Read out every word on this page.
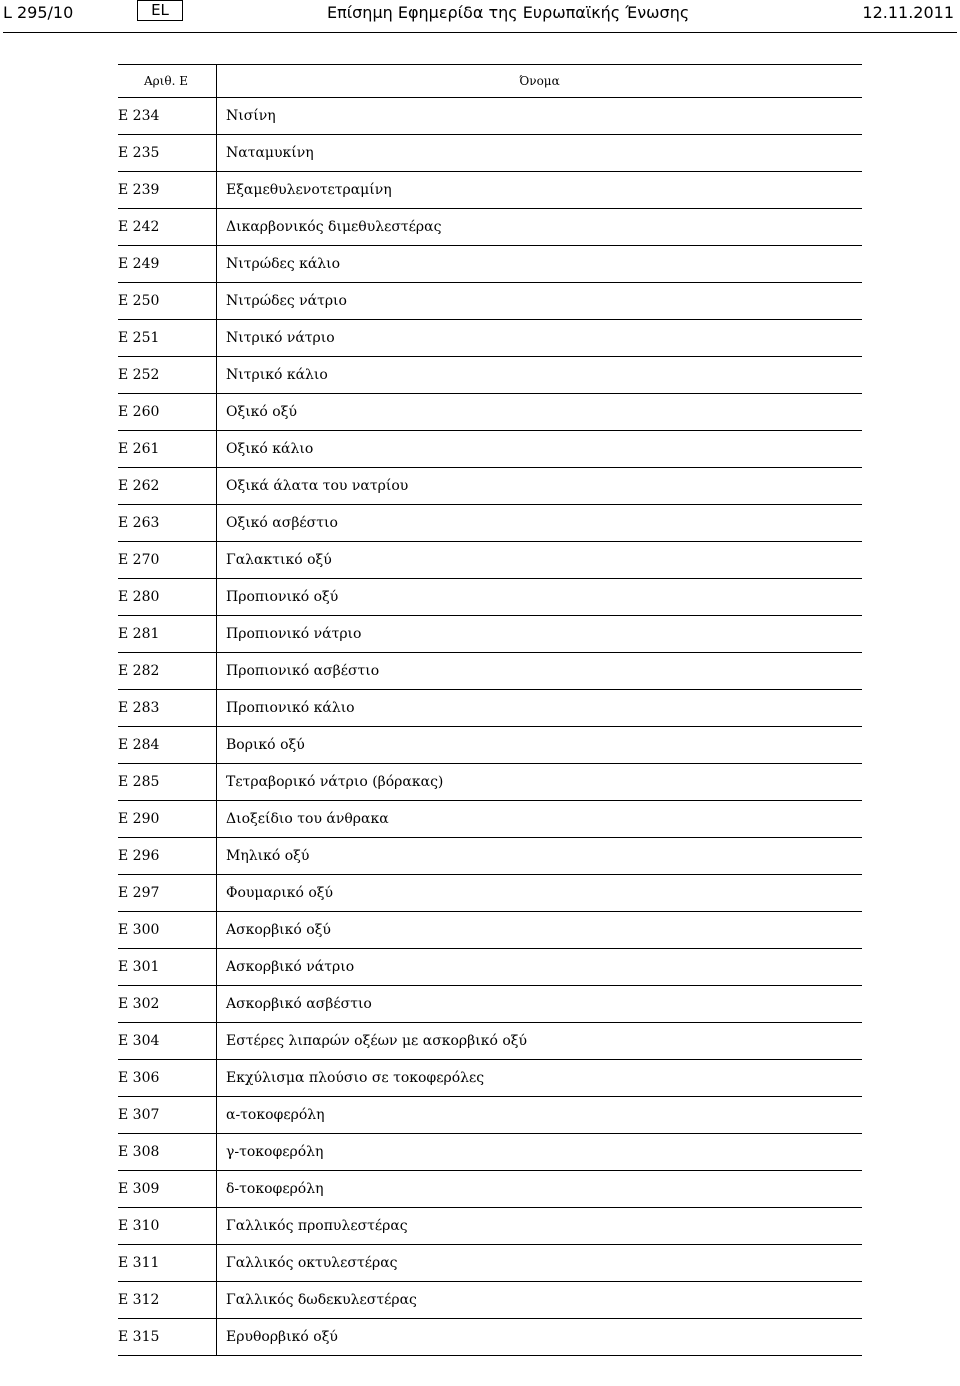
L 295/10	EL	Επίσημη Εφημερίδα της Ευρωπαϊκής Ένωσης	12.11.2011
Αριθ. Ε	Όνομα
E 234	Νισίνη
E 235	Ναταμυκίνη
E 239	Εξαμεθυλενοτετραμίνη
E 242	Δικαρβονικός διμεθυλεστέρας
E 249	Νιτρώδες κάλιο
E 250	Νιτρώδες νάτριο
E 251	Νιτρικό νάτριο
E 252	Νιτρικό κάλιο
E 260	Οξικό οξύ
E 261	Οξικό κάλιο
E 262	Οξικά άλατα του νατρίου
E 263	Οξικό ασβέστιο
E 270	Γαλακτικό οξύ
E 280	Προπιονικό οξύ
E 281	Προπιονικό νάτριο
E 282	Προπιονικό ασβέστιο
E 283	Προπιονικό κάλιο
E 284	Βορικό οξύ
E 285	Τετραβορικό νάτριο (βόρακας)
E 290	Διοξείδιο του άνθρακα
E 296	Μηλικό οξύ
E 297	Φουμαρικό οξύ
E 300	Ασκορβικό οξύ
E 301	Ασκορβικό νάτριο
E 302	Ασκορβικό ασβέστιο
E 304	Εστέρες λιπαρών οξέων με ασκορβικό οξύ
E 306	Εκχύλισμα πλούσιο σε τοκοφερόλες
E 307	α-τοκοφερόλη
E 308	γ-τοκοφερόλη
E 309	δ-τοκοφερόλη
E 310	Γαλλικός προπυλεστέρας
E 311	Γαλλικός οκτυλεστέρας
E 312	Γαλλικός δωδεκυλεστέρας
E 315	Ερυθορβικό οξύ
